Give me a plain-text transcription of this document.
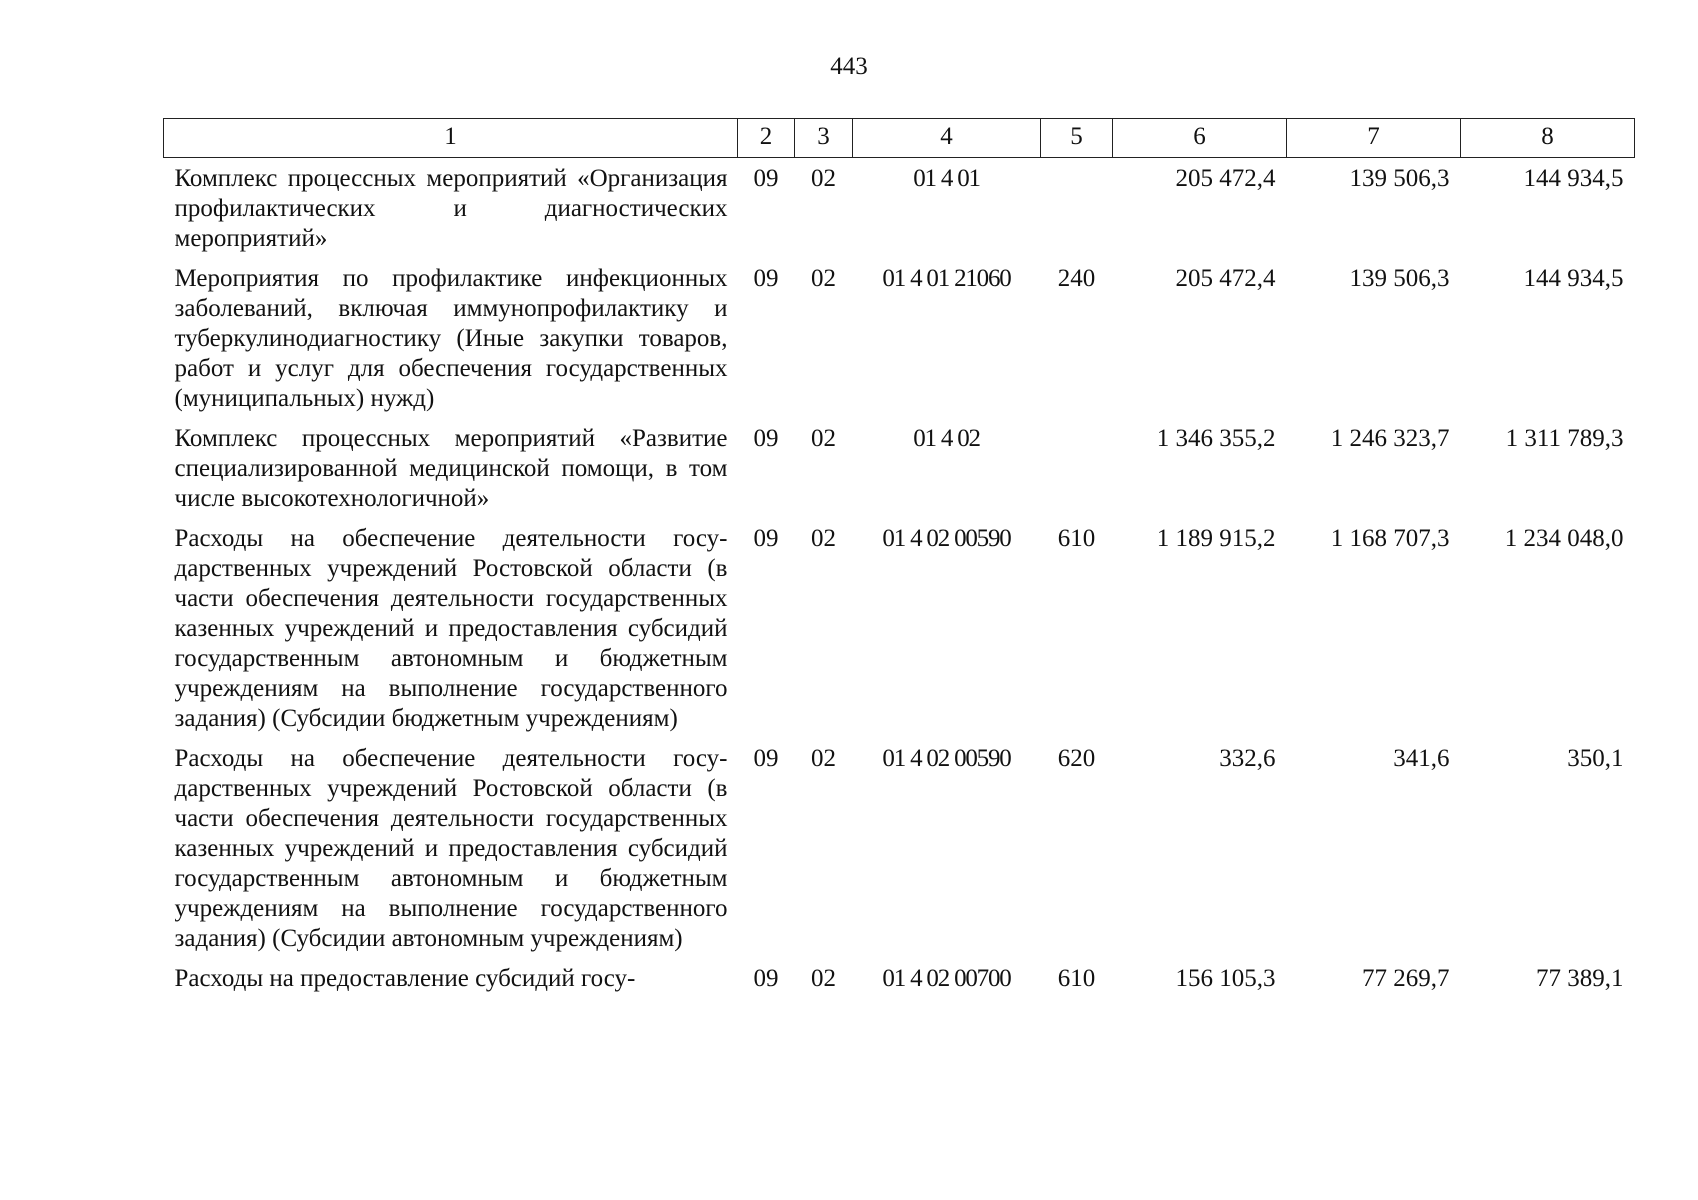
443
1	2	3	4	5	6	7	8
Комплекс процессных мероприятий «Организация профилактических и диагностических мероприятий»	09	02	01 4 01		205 472,4	139 506,3	144 934,5
Мероприятия по профилактике инфекционных заболеваний, включая иммунопрофилактику и туберкулинодиагностику (Иные закупки товаров, работ и услуг для обеспечения государственных (муниципальных) нужд)	09	02	01 4 01 21060	240	205 472,4	139 506,3	144 934,5
Комплекс процессных мероприятий «Развитие специализированной медицинской помощи, в том числе высокотехнологичной»	09	02	01 4 02		1 346 355,2	1 246 323,7	1 311 789,3
Расходы на обеспечение деятельности государственных учреждений Ростовской области (в части обеспечения деятельности государственных казенных учреждений и предоставления субсидий государственным автономным и бюджетным учреждениям на выполнение государственного задания) (Субсидии бюджетным учреждениям)	09	02	01 4 02 00590	610	1 189 915,2	1 168 707,3	1 234 048,0
Расходы на обеспечение деятельности государственных учреждений Ростовской области (в части обеспечения деятельности государственных казенных учреждений и предоставления субсидий государственным автономным и бюджетным учреждениям на выполнение государственного задания) (Субсидии автономным учреждениям)	09	02	01 4 02 00590	620	332,6	341,6	350,1
Расходы на предоставление субсидий госу-	09	02	01 4 02 00700	610	156 105,3	77 269,7	77 389,1
